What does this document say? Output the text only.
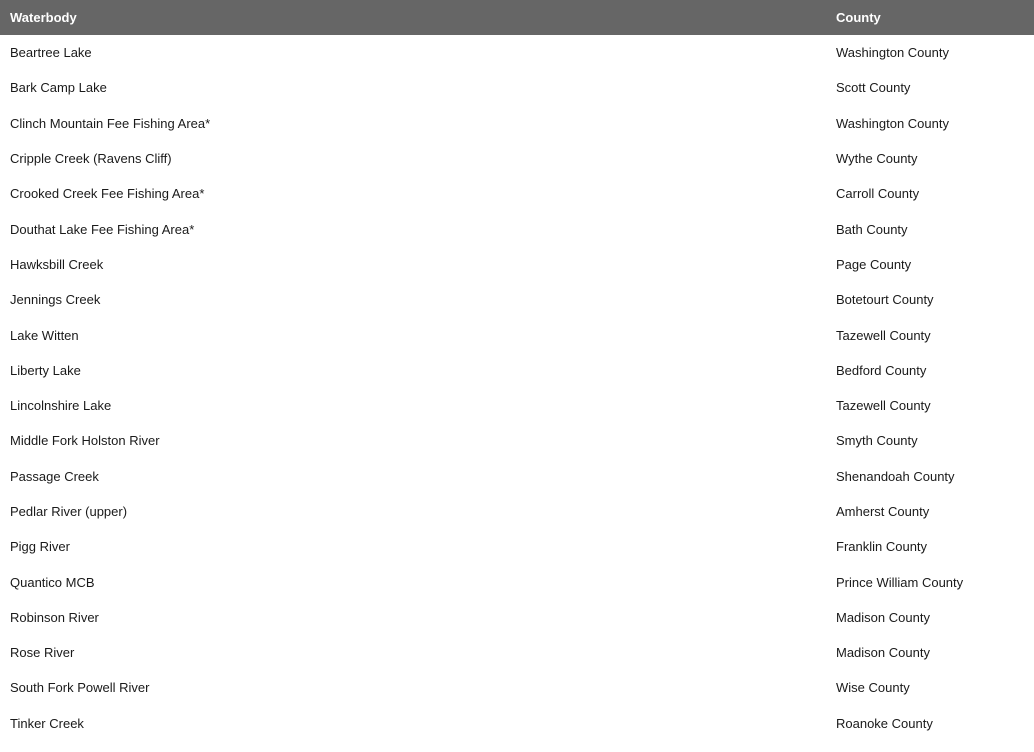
Waterbody	County
Beartree Lake	Washington County
Bark Camp Lake	Scott County
Clinch Mountain Fee Fishing Area*	Washington County
Cripple Creek (Ravens Cliff)	Wythe County
Crooked Creek Fee Fishing Area*	Carroll County
Douthat Lake Fee Fishing Area*	Bath County
Hawksbill Creek	Page County
Jennings Creek	Botetourt County
Lake Witten	Tazewell County
Liberty Lake	Bedford County
Lincolnshire Lake	Tazewell County
Middle Fork Holston River	Smyth County
Passage Creek	Shenandoah County
Pedlar River (upper)	Amherst County
Pigg River	Franklin County
Quantico MCB	Prince William County
Robinson River	Madison County
Rose River	Madison County
South Fork Powell River	Wise County
Tinker Creek	Roanoke County
